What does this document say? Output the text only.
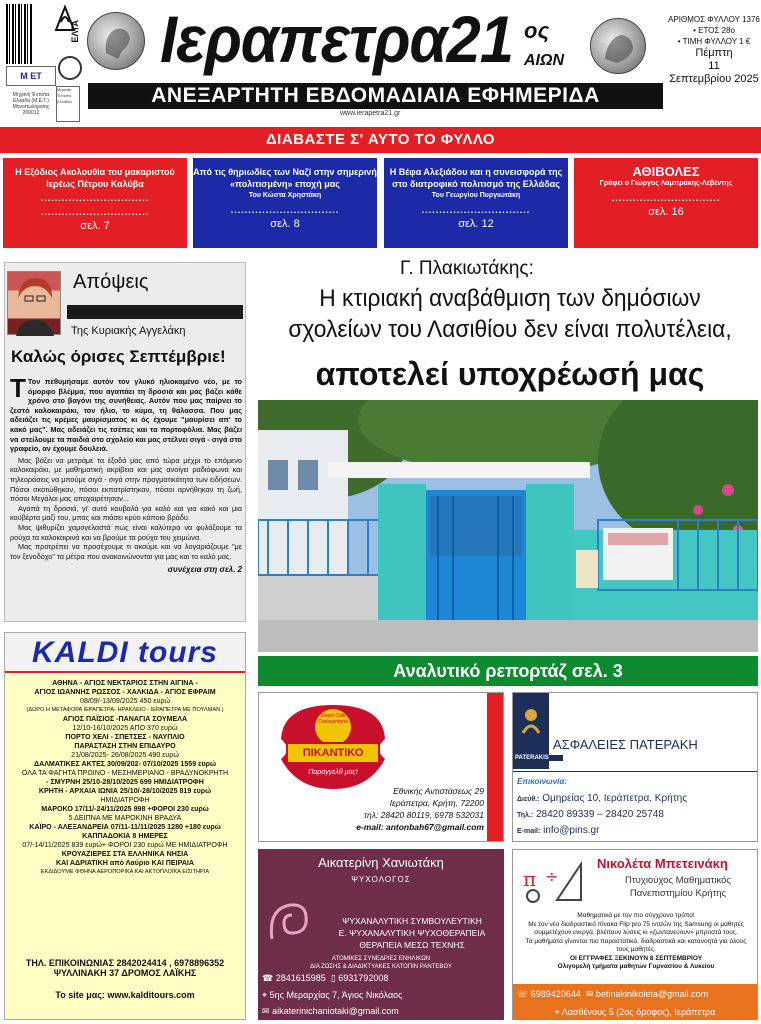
ΕΛΤΑ
Μ ΕΤ
Μηχανή Έντυπα Ελλάδα (Μ.Ε.Τ.) Μονοπωλήρισης 200012
Μηνιαία Έντυπα Ελλάδος
Ιεραπετρα21 ος
ΑΙΩΝ
ΑΝΕΞΑΡΤΗΤΗ ΕΒΔΟΜΑΔΙΑΙΑ ΕΦΗΜΕΡΙΔΑ
www.ierapetra21.gr
ΑΡΙΘΜΟΣ ΦΥΛΛΟΥ 1376
• ΕΤΟΣ 28ο
• ΤΙΜΗ ΦΥΛΛΟΥ 1 €
Πέμπτη
11
Σεπτεμβρίου 2025
ΔΙΑΒΑΣΤΕ Σ' ΑΥΤΟ ΤΟ ΦΥΛΛΟ
Η Εξόδιος Ακολουθία του μακαριστού Ιερέως Πέτρου Καλύβα
...............................
...............................
σελ. 7
Από τις θηριωδίες των Ναζί στην σημερινή «πολιτισμένη» εποχή μας
Του Κώστα Χρηστάκη
...............................
σελ. 8
Η Βέφα Αλεξιάδου και η συνεισφορά της στο διατροφικό πολιτισμό της Ελλάδας
Του Γεωργίου Πυργιωτάκη
...............................
σελ. 12
ΑΘΙΒΟΛΕΣ
Γράφει ο Γιώργος Λαμπράκης-Λεβέντης
...............................
σελ. 16
Απόψεις
Της Κυριακής Αγγελάκη
Καλώς όρισες Σεπτέμβριε!

Τ Τον πεθυμήσαμε αυτόν τον γλυκό ηλιοκαμένο νέο, με το όμορφο βλέμμα, που αγαπάει τη δροσιά και μας βάζει κάθε χρόνο στο βαγόνι της συνήθειας. Αυτόν που μας παίρνει το ζεστό καλοκαιράκι, τον ήλιο, το κύμα, τη θάλασσα. Που μας αδειάζει τις κρέμες μαυρίσματος κι ός έχουμε "μαυρίσει απ' το κακό μας". Μας αδειάζει τις τσέπες και τα πορτοφόλια. Μας βάζει να στείλουμε τα παιδιά στο σχολείο και μας στέλνει σιγά - σιγά στο γραφείο, αν έχουμε δουλειά.

Μας βάζει να μετράμε τα έξοδά μας από τώρα μέχρι το επόμενο καλοκαιράκι, με μαθηματική ακρίβεια και μας ανοίγει ραδιόφωνα και τηλεοράσεις να μπούμε σιγά - σιγά στην πραγματικότητα των ειδήσεων. Πόσοι σκοτώθηκαν, πόσοι εκπατρίστηκαν, πόσοι αρνήθηκαν τη ζωή, πόσοι Μεγάλοι μας αποχαιρέτησαν...

Αγαπά τη δροσιά, γι' αυτό κουβαλά για καλό και για κακό και μια κουβέρτα μαζί του, μπας και πιάσει κρύο κάποιο βράδυ.

Μας ψιθυρίζει χαμογελαστά πως είναι καλύτερα να φυλάξουμε τα ρούχα τα καλοκαιρινά και να βρούμε τα ρούχα του χειμώνα.

Μας προτρέπει να προσέχουμε τι ακούμε και να λογαριάζουμε "με τον ξενοδόχο" τα μέτρα που ανακοινώνονται για μας και το καλό μας.

συνέχεια στη σελ. 2

Γ. Πλακιωτάκης:
Η κτιριακή αναβάθμιση των δημόσιων σχολείων του Λασιθίου δεν είναι πολυτέλεια,
αποτελεί υποχρέωσή μας
Αναλυτικό ρεπορτάζ σελ. 3
KALDI tours
ΑΘΗΝΑ - ΑΓΙΟΣ ΝΕΚΤΑΡΙΟΣ ΣΤΗΝ ΑΙΓΙΝΑ -
ΑΓΙΟΣ ΙΩΑΝΝΗΣ ΡΩΣΣΟΣ - ΧΑΛΚΙΔΑ - ΑΓΙΟΣ ΕΦΡΑΙΜ
08/09/-13/09/2025 450 ευρώ
(ΔΩΡΟ Η ΜΕΤΑΦΟΡΑ ΙΕΡΑΠΕΤΡΑ- ΗΡΑΚΛΕΙΟ - ΙΕΡΑΠΕΤΡΑ ΜΕ ΠΟΥΛΜΑΝ )
ΑΓΙΟΣ ΠΑΪΣΙΟΣ -ΠΑΝΑΓΙΑ ΣΟΥΜΕΛΑ
12/10-16/10/2025 ΑΠΟ 370 ευρώ
ΠΟΡΤΟ ΧΕΛΙ - ΣΠΕΤΣΕΣ - ΝΑΥΠΛΙΟ
ΠΑΡΑΣΤΑΣΗ ΣΤΗΝ ΕΠΙΔΑΥΡΟ
21/08/2025- 26/08/2025 490 ευρώ
ΔΑΛΜΑΤΙΚΕΣ ΑΚΤΕΣ 30/09/202- 07/10/2025 1559 ευρώ
ΟΛΑ ΤΑ ΦΑΓΗΤΑ ΠΡΩΙΝΟ - ΜΕΣΗΜΕΡΙΑΝΟ - ΒΡΑΔΥΝΟΚΡΗΤΗ
- ΣΜΥΡΝΗ 25/10-28/10/2025 699 ΗΜΙΔΙΑΤΡΟΦΗ
ΚΡΗΤΗ - ΑΡΧΑΙΑ ΙΩΝΙΑ 25/10/-28/10/2025 819 ευρώ
ΗΜΙΔΙΑΤΡΟΦΗ
ΜΑΡΟΚΟ 17/11/-24/11/2025 998 +ΦΟΡΟΙ 230 ευρώ
5 ΔΕΙΠΝΑ ΜΕ ΜΑΡΟΚΙΝΗ ΒΡΑΔΥΑ
ΚΑΪΡΟ - ΑΛΕΞΑΝΔΡΕΙΑ 07/11-11/11/2025 1280 +180 ευρώ
ΚΑΠΠΑΔΟΚΙΑ 8 ΗΜΕΡΕΣ
07/-14/11/2025 839 ευρώ+ ΦΟΡΟΙ 230 ευρώ ΜΕ ΗΜΙΔΙΑΤΡΟΦΗ
ΚΡΟΥΑΖΙΕΡΕΣ ΣΤΑ ΕΛΛΗΝΙΚΑ ΝΗΣΙΑ
ΚΑΙ ΑΔΡΙΑΤΙΚΗ από Λαύριο ΚΑΙ ΠΕΙΡΑΙΑ
ΕΚΔΙΔΟΥΜΕ ΦΘΗΝΑ ΑΕΡΟΠΟΡΙΚΑ ΚΑΙ ΑΚΤΟΠΛΟΪΚΑ ΕΙΣΙΤΗΡΙΑ
ΤΗΛ. ΕΠΙΚΟΙΝΩΝΙΑΣ 2842024414 , 6978896352
ΨΥΛΛΙΝΑΚΗ 37 ΔΡΟΜΟΣ ΛΑΪΚΗΣ
To site μας: www.kalditours.com
Snack Cafe Croissanteria
ΠΙΚΑΝΤΙΚΟ
Παραγγελθ μας!
Εθνικής Αντιστάσεως 29
Ιεράπετρα, Κρήτη, 72200
τηλ: 28420 80119, 6978 532031
e-mail: antonbah67@gmail.com
PATERAKIS
insurance
ΑΣΦΑΛΕΙΕΣ ΠΑΤΕΡΑΚΗ
Επικοινωνία:
Διεύθ.: Ομηρείας 10, Ιεράπετρα, Κρήτης
Τηλ.: 28420 89339 – 28420 25748
E-mail: info@pins.gr
Αικατερίνη Χανιωτάκη
ΨΥΧΟΛΟΓΟΣ
ΨΥΧΑΝΑΛΥΤΙΚΗ ΣΥΜΒΟΥΛΕΥΤΙΚΗ
Ε. ΨΥΧΑΝΑΛΥΤΙΚΗ ΨΥΧΟΘΕΡΑΠΕΙΑ
ΘΕΡΑΠΕΙΑ ΜΕΣΩ ΤΕΧΝΗΣ
ΑΤΟΜΙΚΕΣ ΣΥΝΕΔΡΙΕΣ ΕΝΗΛΙΚΩΝ
ΔΙΑ ΖΩΣΗΣ & ΔΙΑΔΙΚΤΥΑΚΕΣ ΚΑΤΟΠΙΝ ΡΑΝΤΕΒΟΥ
☎ 2841615985 ▯ 6931792008
⌖ 5ης Μεραρχίας 7, Άγιος Νικόλαος
✉ aikaterinichaniotaki@gmail.com
π ÷
Νικολέτα Μπετεινάκη
Πτυχιούχος Μαθηματικός Πανεπιστημίου Κρήτης
Μαθηματικά με τον πιο σύγχρονο τρόπο!
Με τον νέο διαδραστικό πίνακα Flip pro 75 ιντσών της Samsung οι μαθητές συμμετέχουν ενεργά, βλέπουν λύσεις κι «ζωντανεύουν» μπροστά τους.
Τα μαθήματα γίνονται πιο παραστατικά, διαδραστικά και κατανοητά για όλους τους μαθητές.
ΟΙ ΕΓΓΡΑΦΕΣ ΞΕΚΙΝΟΥΝ 8 ΣΕΠΤΕΜΒΡΙΟΥ
Ολιγομελή τμήματα μαθητών Γυμνασίου & Λυκείου
☏ 6989420644 ✉ betinakinikoleta@gmail.com
⌖ Λασθένους 5 (2ος όροφος), Ιεράπετρα
